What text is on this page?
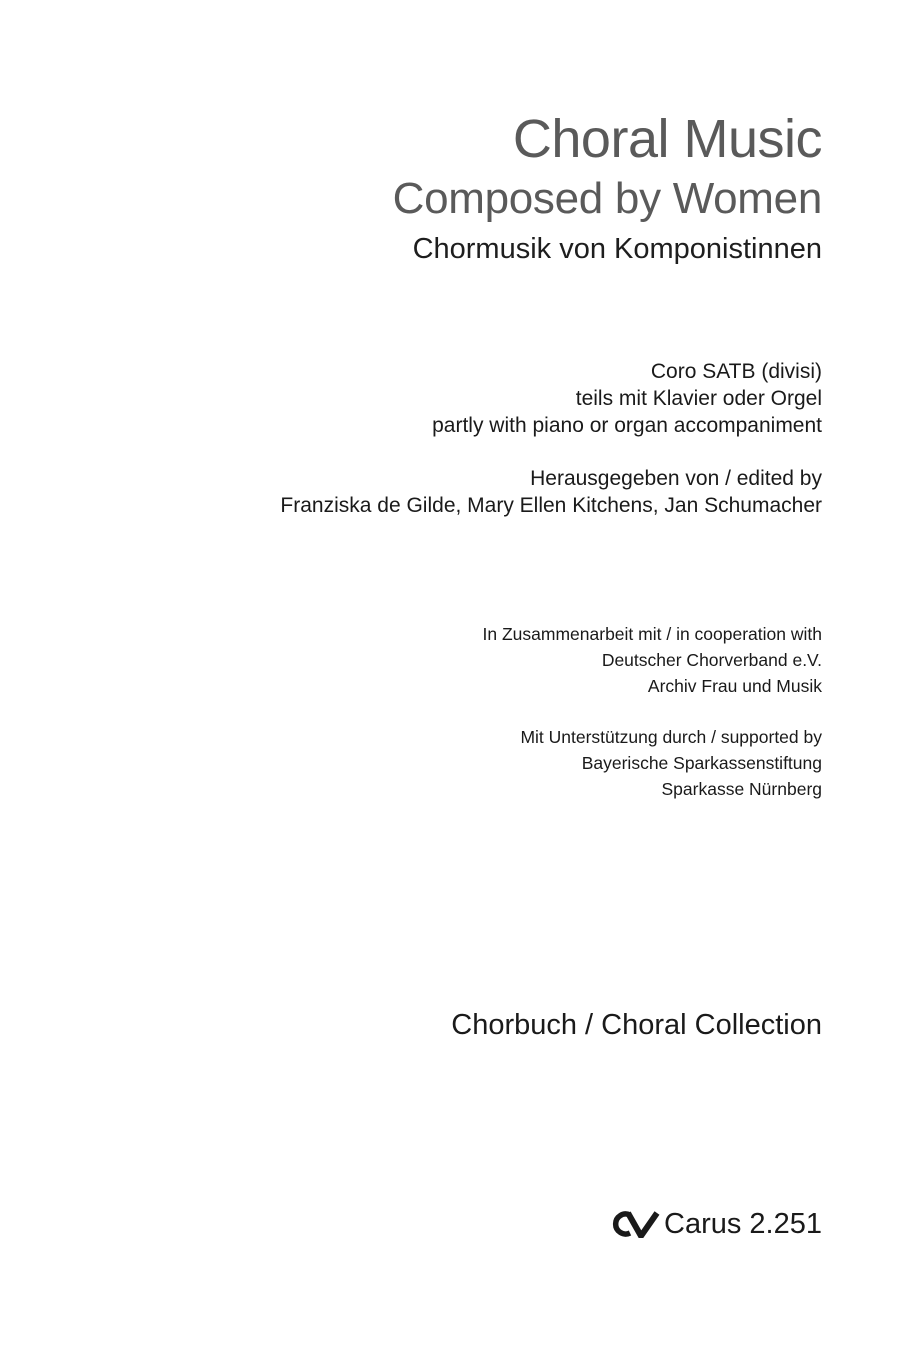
Choral Music
Composed by Women
Chormusik von Komponistinnen
Coro SATB (divisi)
teils mit Klavier oder Orgel
partly with piano or organ accompaniment
Herausgegeben von / edited by
Franziska de Gilde, Mary Ellen Kitchens, Jan Schumacher
In Zusammenarbeit mit / in cooperation with
Deutscher Chorverband e.V.
Archiv Frau und Musik
Mit Unterstützung durch / supported by
Bayerische Sparkassenstiftung
Sparkasse Nürnberg
Chorbuch / Choral Collection
Carus 2.251
